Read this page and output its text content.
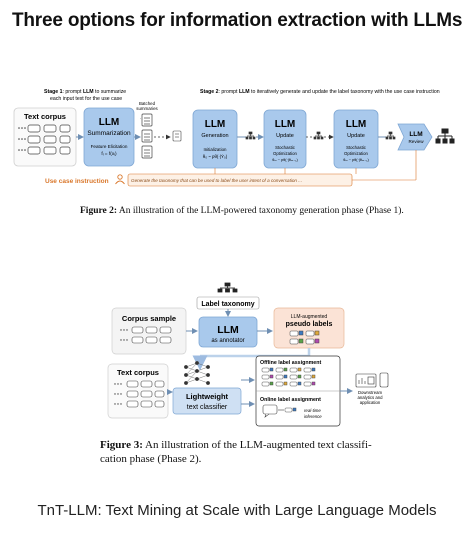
Three options for information extraction with LLMs
Stage 1: prompt LLM to summarize
each input text for the use case
Stage 2: prompt LLM to iteratively generate and update the label taxonomy with the use case instruction
Text corpus
LLM
Summarization
Feature Elicitation
fᵢ = f(xᵢ)
Batched
summaries
·
LLM
Generation
Initialization
θ₀ ~ pθ(·|Ẏ₀)
LLM
Update
Stochastic
Optimization
θₘ ~ pθ(·|θₘ₋₁)
LLM
Update
Stochastic
Optimization
θₘ ~ pθ(·|θₘ₋₁)
LLM
Review
Use case instruction	Generate the taxonomy that can be used to label the user intent of a conversation ...
Figure 2: An illustration of the LLM-powered taxonomy generation phase (Phase 1).
Label taxonomy
Corpus sample
LLM
as annotator
LLM-augmented
pseudo labels
Text corpus
Lightweight
text classifier
Offline label assignment
Online label assignment
real-time
inference
Downstream
analytics and
application
Figure 3: An illustration of the LLM-augmented text classifi-
cation phase (Phase 2).
TnT-LLM: Text Mining at Scale with Large Language Models
